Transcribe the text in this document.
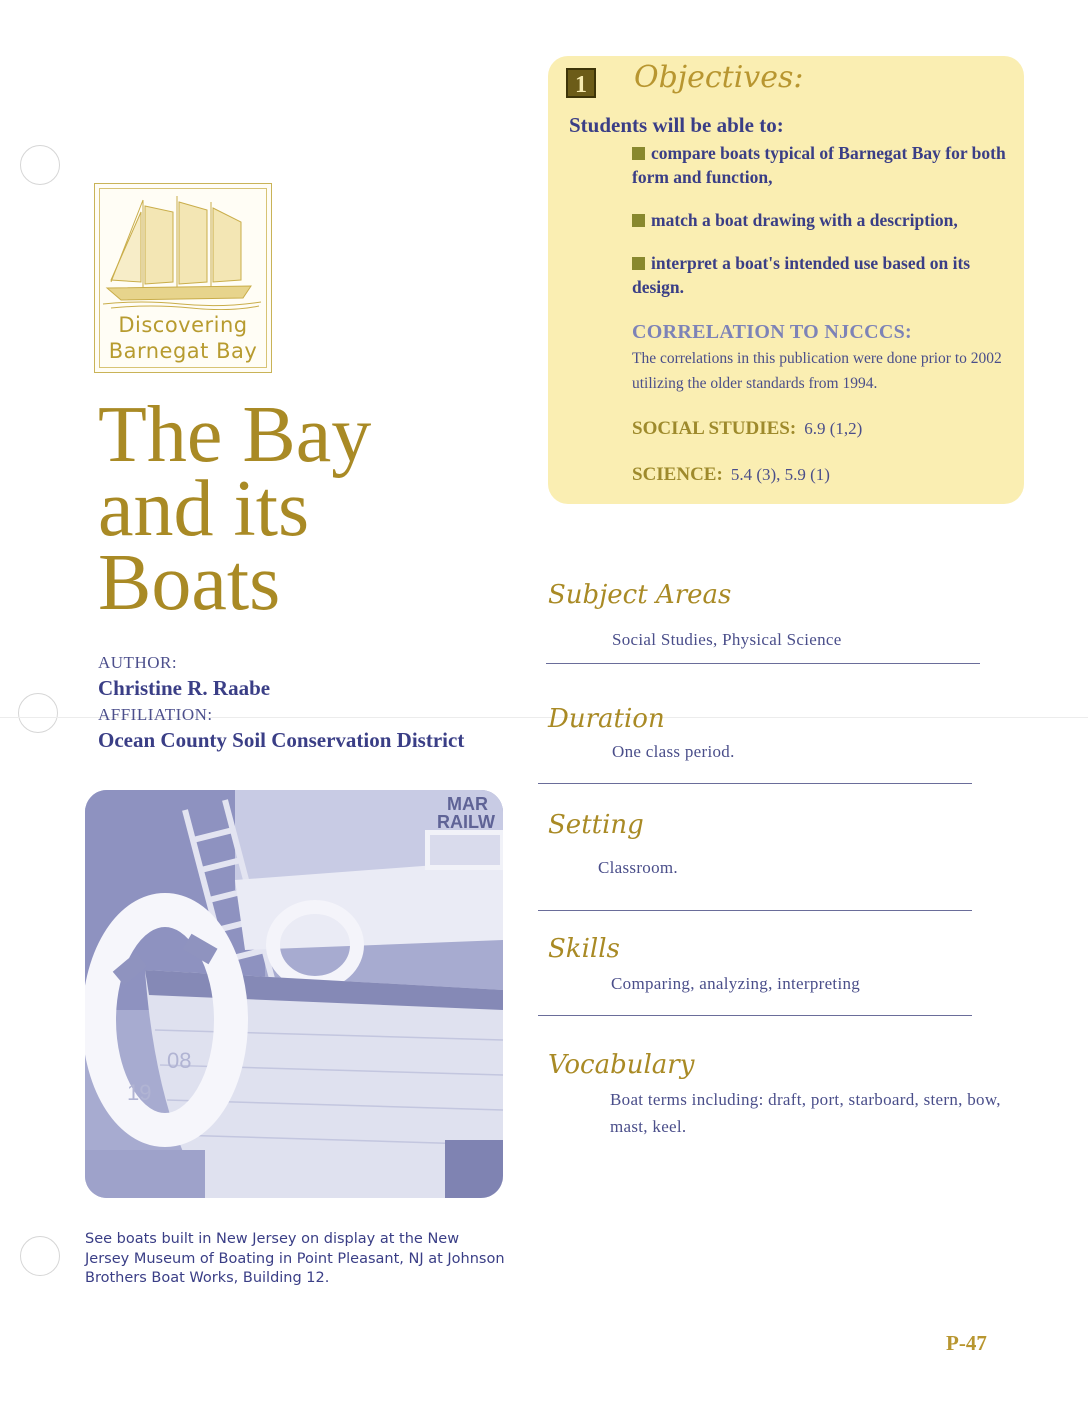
Discovering
Barnegat Bay
The Bay
and its
Boats
AUTHOR:
Christine R. Raabe
AFFILIATION:
Ocean County Soil Conservation District
MAR
RAILW
19
08
See boats built in New Jersey on display at the New Jersey Museum of Boating in Point Pleasant, NJ at Johnson Brothers Boat Works, Building 12.
1	Objectives:
Students will be able to:
compare boats typical of Barnegat Bay for both form and function,
match a boat drawing with a description,
interpret a boat's intended use based on its design.
CORRELATION TO NJCCCS:
The correlations in this publication were done prior to 2002 utilizing the older standards from 1994.
SOCIAL STUDIES: 6.9 (1,2)
SCIENCE: 5.4 (3), 5.9 (1)
Subject Areas
Social Studies, Physical Science
Duration
One class period.
Setting
Classroom.
Skills
Comparing, analyzing, interpreting
Vocabulary
Boat terms including: draft, port, starboard, stern, bow, mast, keel.
P-47
